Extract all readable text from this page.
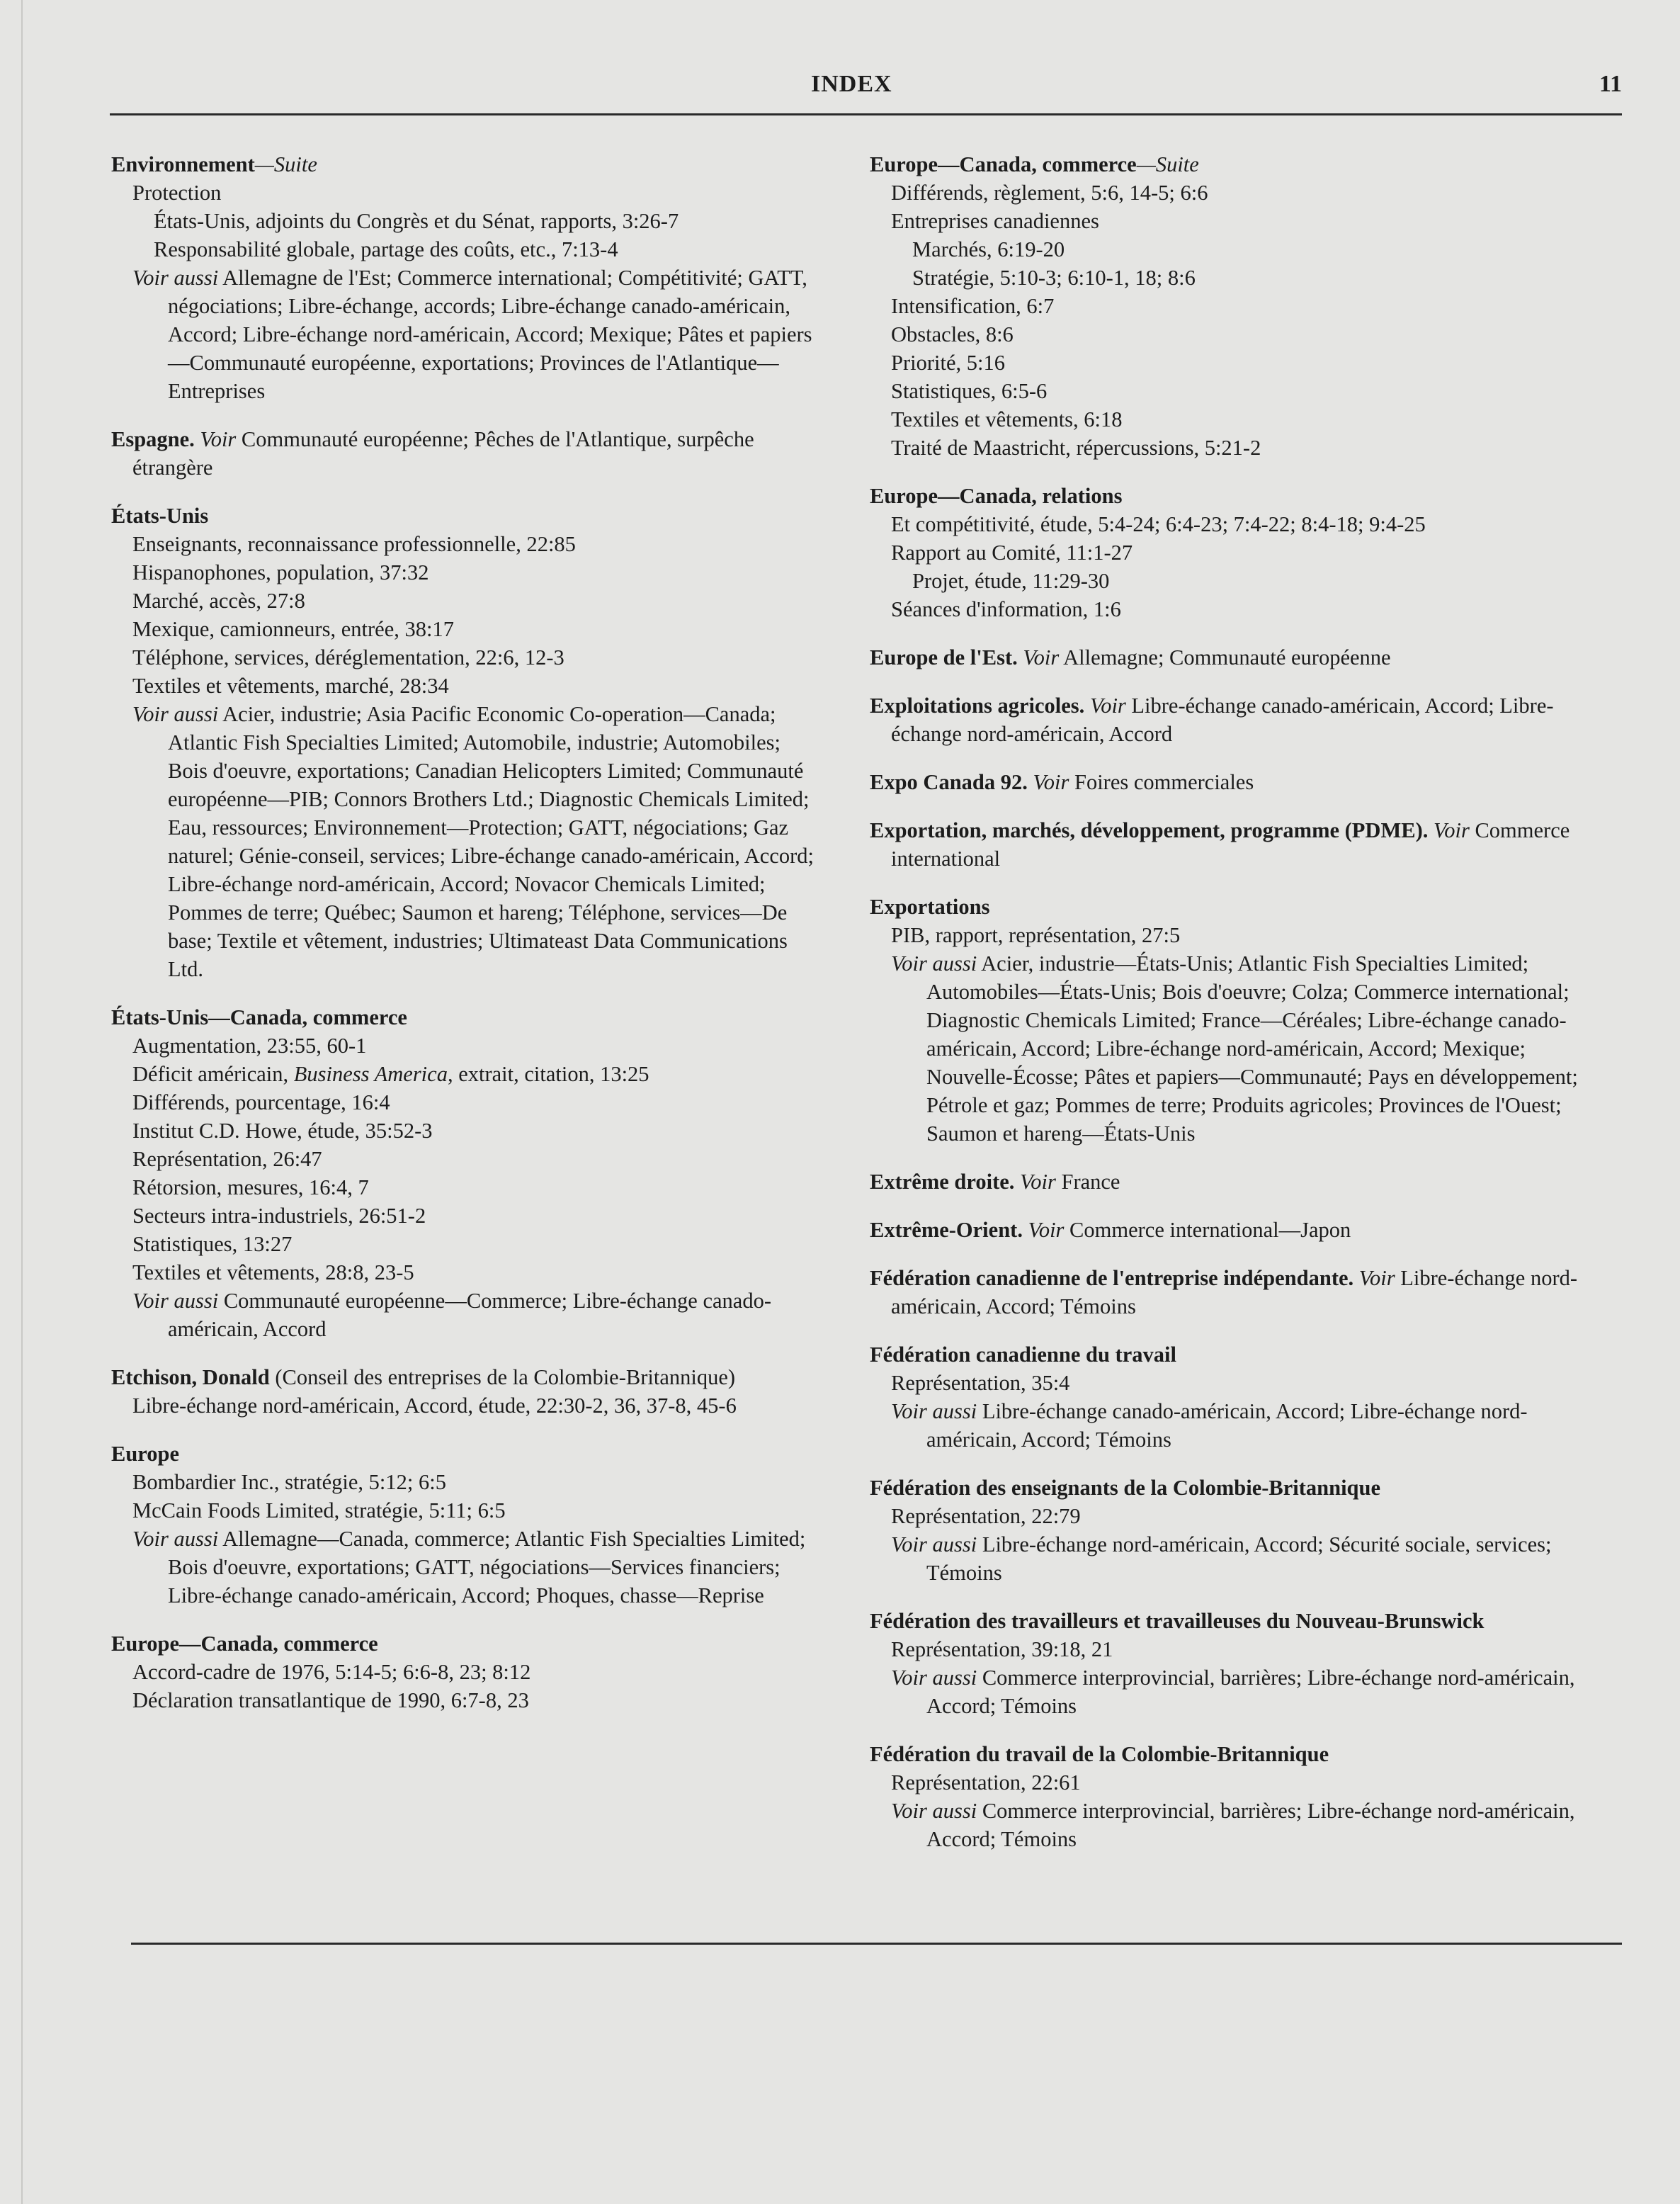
INDEX	11
Environnement—Suite
Protection
États-Unis, adjoints du Congrès et du Sénat, rapports, 3:26-7
Responsabilité globale, partage des coûts, etc., 7:13-4
Voir aussi Allemagne de l'Est; Commerce international; Compétitivité; GATT, négociations; Libre-échange, accords; Libre-échange canado-américain, Accord; Libre-échange nord-américain, Accord; Mexique; Pâtes et papiers—Communauté européenne, exportations; Provinces de l'Atlantique—Entreprises
Espagne. Voir Communauté européenne; Pêches de l'Atlantique, surpêche étrangère
États-Unis
Enseignants, reconnaissance professionnelle, 22:85
Hispanophones, population, 37:32
Marché, accès, 27:8
Mexique, camionneurs, entrée, 38:17
Téléphone, services, déréglementation, 22:6, 12-3
Textiles et vêtements, marché, 28:34
Voir aussi Acier, industrie; Asia Pacific Economic Co-operation—Canada; Atlantic Fish Specialties Limited; Automobile, industrie; Automobiles; Bois d'oeuvre, exportations; Canadian Helicopters Limited; Communauté européenne—PIB; Connors Brothers Ltd.; Diagnostic Chemicals Limited; Eau, ressources; Environnement—Protection; GATT, négociations; Gaz naturel; Génie-conseil, services; Libre-échange canado-américain, Accord; Libre-échange nord-américain, Accord; Novacor Chemicals Limited; Pommes de terre; Québec; Saumon et hareng; Téléphone, services—De base; Textile et vêtement, industries; Ultimateast Data Communications Ltd.
États-Unis—Canada, commerce
Augmentation, 23:55, 60-1
Déficit américain, Business America, extrait, citation, 13:25
Différends, pourcentage, 16:4
Institut C.D. Howe, étude, 35:52-3
Représentation, 26:47
Rétorsion, mesures, 16:4, 7
Secteurs intra-industriels, 26:51-2
Statistiques, 13:27
Textiles et vêtements, 28:8, 23-5
Voir aussi Communauté européenne—Commerce; Libre-échange canado-américain, Accord
Etchison, Donald (Conseil des entreprises de la Colombie-Britannique)
Libre-échange nord-américain, Accord, étude, 22:30-2, 36, 37-8, 45-6
Europe
Bombardier Inc., stratégie, 5:12; 6:5
McCain Foods Limited, stratégie, 5:11; 6:5
Voir aussi Allemagne—Canada, commerce; Atlantic Fish Specialties Limited; Bois d'oeuvre, exportations; GATT, négociations—Services financiers; Libre-échange canado-américain, Accord; Phoques, chasse—Reprise
Europe—Canada, commerce
Accord-cadre de 1976, 5:14-5; 6:6-8, 23; 8:12
Déclaration transatlantique de 1990, 6:7-8, 23
Europe—Canada, commerce—Suite
Différends, règlement, 5:6, 14-5; 6:6
Entreprises canadiennes
Marchés, 6:19-20
Stratégie, 5:10-3; 6:10-1, 18; 8:6
Intensification, 6:7
Obstacles, 8:6
Priorité, 5:16
Statistiques, 6:5-6
Textiles et vêtements, 6:18
Traité de Maastricht, répercussions, 5:21-2
Europe—Canada, relations
Et compétitivité, étude, 5:4-24; 6:4-23; 7:4-22; 8:4-18; 9:4-25
Rapport au Comité, 11:1-27
Projet, étude, 11:29-30
Séances d'information, 1:6
Europe de l'Est. Voir Allemagne; Communauté européenne
Exploitations agricoles. Voir Libre-échange canado-américain, Accord; Libre-échange nord-américain, Accord
Expo Canada 92. Voir Foires commerciales
Exportation, marchés, développement, programme (PDME). Voir Commerce international
Exportations
PIB, rapport, représentation, 27:5
Voir aussi Acier, industrie—États-Unis; Atlantic Fish Specialties Limited; Automobiles—États-Unis; Bois d'oeuvre; Colza; Commerce international; Diagnostic Chemicals Limited; France—Céréales; Libre-échange canado-américain, Accord; Libre-échange nord-américain, Accord; Mexique; Nouvelle-Écosse; Pâtes et papiers—Communauté; Pays en développement; Pétrole et gaz; Pommes de terre; Produits agricoles; Provinces de l'Ouest; Saumon et hareng—États-Unis
Extrême droite. Voir France
Extrême-Orient. Voir Commerce international—Japon
Fédération canadienne de l'entreprise indépendante. Voir Libre-échange nord-américain, Accord; Témoins
Fédération canadienne du travail
Représentation, 35:4
Voir aussi Libre-échange canado-américain, Accord; Libre-échange nord-américain, Accord; Témoins
Fédération des enseignants de la Colombie-Britannique
Représentation, 22:79
Voir aussi Libre-échange nord-américain, Accord; Sécurité sociale, services; Témoins
Fédération des travailleurs et travailleuses du Nouveau-Brunswick
Représentation, 39:18, 21
Voir aussi Commerce interprovincial, barrières; Libre-échange nord-américain, Accord; Témoins
Fédération du travail de la Colombie-Britannique
Représentation, 22:61
Voir aussi Commerce interprovincial, barrières; Libre-échange nord-américain, Accord; Témoins
